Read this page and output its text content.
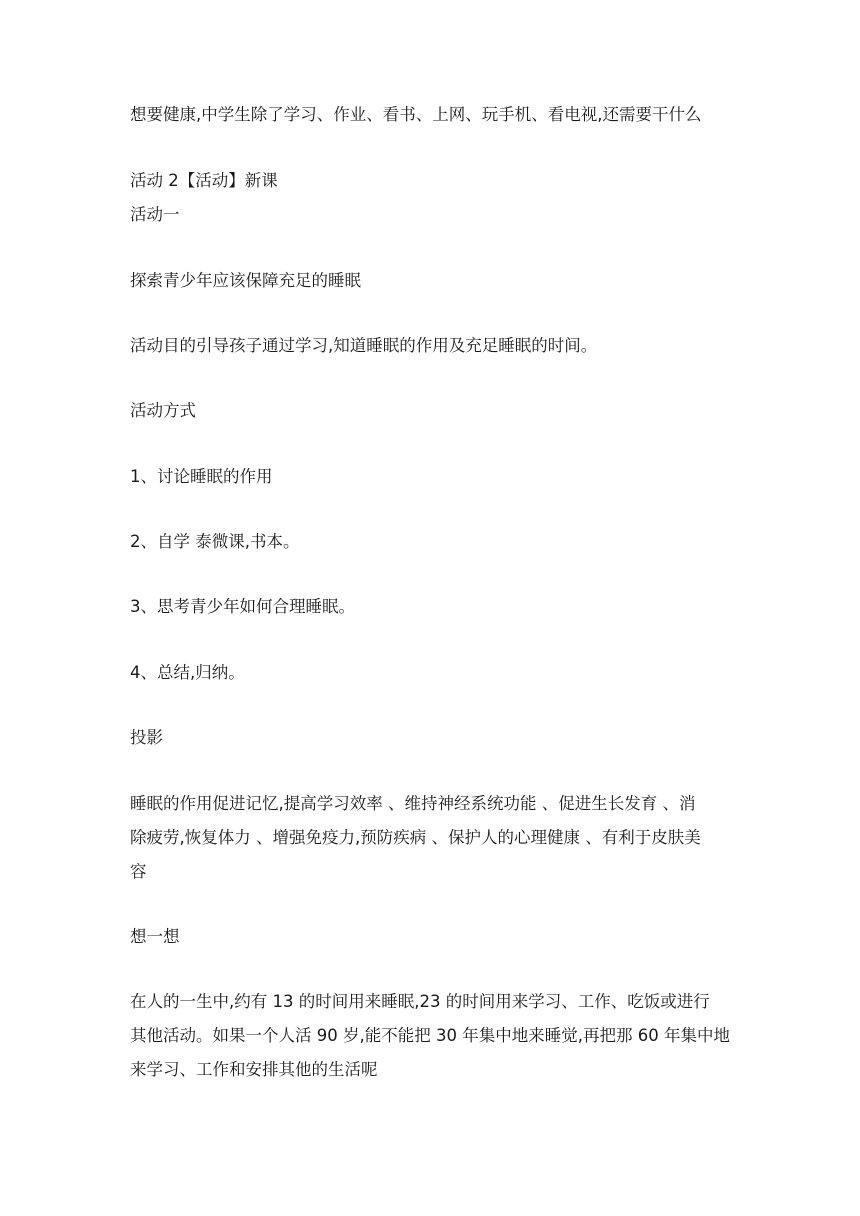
想要健康,中学生除了学习、作业、看书、上网、玩手机、看电视,还需要干什么
活动 2【活动】新课
活动一
探索青少年应该保障充足的睡眠
活动目的引导孩子通过学习,知道睡眠的作用及充足睡眠的时间。
活动方式
1、讨论睡眠的作用
2、自学 泰微课,书本。
3、思考青少年如何合理睡眠。
4、总结,归纳。
投影
睡眠的作用促进记忆,提高学习效率 、维持神经系统功能 、促进生长发育 、消
除疲劳,恢复体力 、增强免疫力,预防疾病 、保护人的心理健康 、有利于皮肤美
容
想一想
在人的一生中,约有 13 的时间用来睡眠,23 的时间用来学习、工作、吃饭或进行
其他活动。如果一个人活 90 岁,能不能把 30 年集中地来睡觉,再把那 60 年集中地
来学习、工作和安排其他的生活呢
